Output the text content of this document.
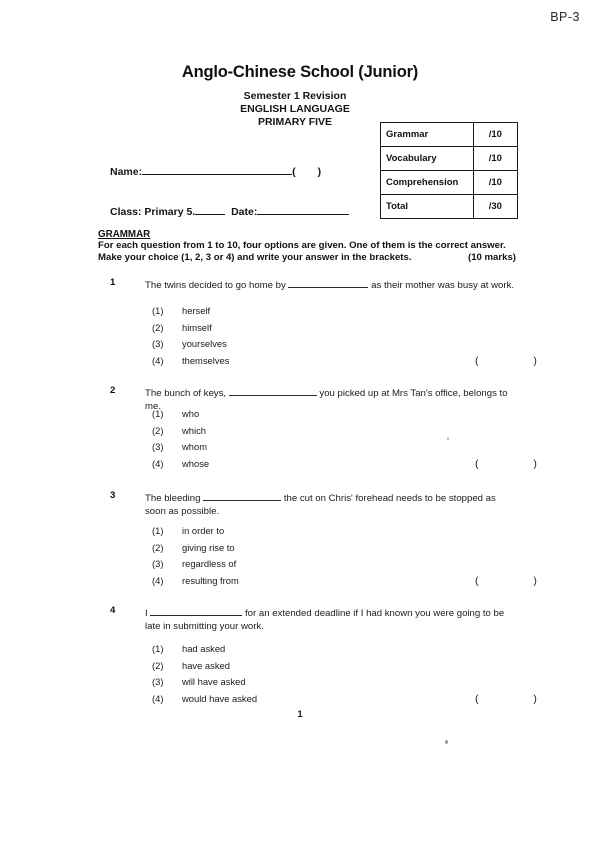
BP-3
Anglo-Chinese School (Junior)
Semester 1 Revision
ENGLISH LANGUAGE
PRIMARY FIVE
Grammar	/10
Vocabulary	/10
Comprehension	/10
Total	/30
Name:	( )
Class: Primary 5.	Date:
GRAMMAR
For each question from 1 to 10, four options are given. One of them is the correct answer.
(10 marks)
Make your choice (1, 2, 3 or 4) and write your answer in the brackets.
1	The twins decided to go home by	as their mother was busy at work.
(1) herself
(2) himself
(3) yourselves
(4) themselves	( )
2	The bunch of keys,	you picked up at Mrs Tan's office, belongs to me.
(1) who
(2) which
(3) whom
(4) whose	( )
3	The bleeding	the cut on Chris' forehead needs to be stopped as soon as possible.
(1) in order to
(2) giving rise to
(3) regardless of
(4) resulting from	( )
4	I	for an extended deadline if I had known you were going to be late in submitting your work.
(1) had asked
(2) have asked
(3) will have asked
(4) would have asked	( )
1
